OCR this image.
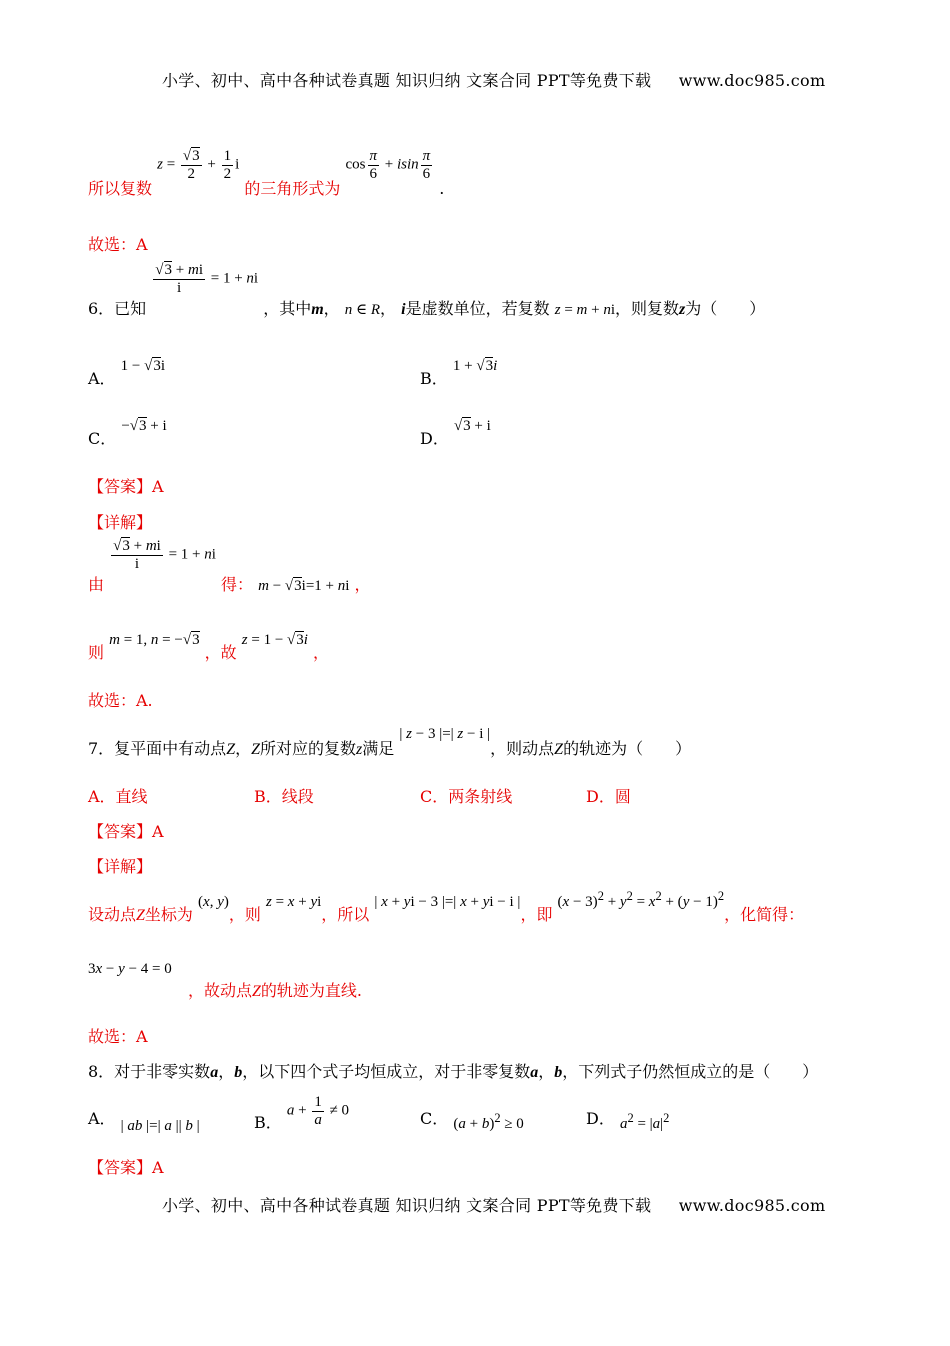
小学、初中、高中各种试卷真题 知识归纳 文案合同 PPT等免费下载 www.doc985.com
所以复数 $z = \frac{√3}{2} + \frac{1}{2}$ i 的三角形式为 $\cos \frac{\pi}{6} + isin \frac{\pi}{6}$
.
故选：A
6．已知
$\frac{√3 + mi}{i} = 1$ + ni ，其中m， n ∈ R， i是虚数单位，若复数 z = m + ni，则复数z为（　　）
A． 1 − √3i
B． 1 + √3i
C． −√3 + i
D． √3 + i
【答案】A
【详解】
由
$\frac{√3 + mi}{i} = 1$ + ni 得： m − √3i=1 + ni ，
则 m = 1, n = −√3 ，故 z = 1 − √3i ，
故选：A.
7．复平面中有动点Z，Z所对应的复数z满足 | z − 3 |=| z − i |，则动点Z的轨迹为（　　）
A．直线	B．线段	C．两条射线	D．圆
【答案】A
【详解】
设动点Z坐标为 (x, y)，则 z = x + yi，所以 | x + yi − 3 |=| x + yi − i |，即 $(x - 3)^2 + y^2 = x^2 + (y - 1)^2$，化简得：
3x − y − 4 = 0
，故动点Z的轨迹为直线.
故选：A
8．对于非零实数a，b，以下四个式子均恒成立，对于非零复数a，b，下列式子仍然恒成立的是（　　）
A． | ab |=| a || b |	B． $a + \frac{1}{a} \ne 0$	C． $(a + b)^2 \ge 0$	D． $a^2 = |a|^2$
【答案】A
小学、初中、高中各种试卷真题 知识归纳 文案合同 PPT等免费下载 www.doc985.com
